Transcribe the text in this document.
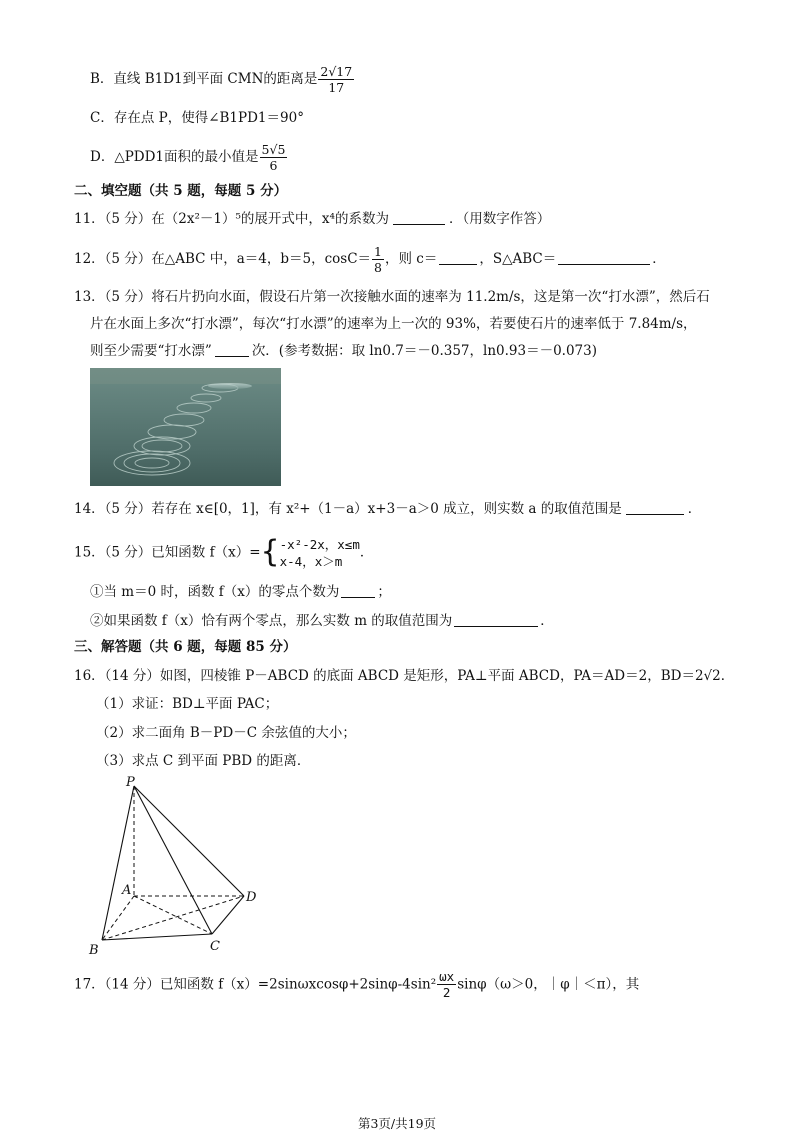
B．直线 B1D1到平面 CMN的距离是 $\frac{2√17}{17}$
C．存在点 P，使得∠B1PD1＝90°
D．△PDD1面积的最小值是 $\frac{5√5}{6}$
二、填空题（共 5 题，每题 5 分）
11．（5 分）在（2x²－1）⁵的展开式中，x⁴的系数为	．（用数字作答）
12．（5 分）在△ABC 中，a＝4，b＝5，$\cos C= \frac{1}{8}$ ，则 c＝	，S△ABC＝	．
13．（5 分）将石片扔向水面，假设石片第一次接触水面的速率为 11.2m/s，这是第一次“打水漂”，然后石
片在水面上多次“打水漂”，每次“打水漂”的速率为上一次的 93%，若要使石片的速率低于 7.84m/s，
则至少需要“打水漂”	次．(参考数据：取 ln0.7＝－0.357，ln0.93＝－0.073)
14．（5 分）若存在 x∈[0，1]，有 x²+（1－a）x+3－a＞0 成立，则实数 a 的取值范围是	．
15．（5 分）已知函数 f（x）={ -x²-2x，x≤m
x-4，x＞m
．
①当 m＝0 时，函数 f（x）的零点个数为	；
②如果函数 f（x）恰有两个零点，那么实数 m 的取值范围为	．
三、解答题（共 6 题，每题 85 分）
16．（14 分）如图，四棱锥 P－ABCD 的底面 ABCD 是矩形，PA⊥平面 ABCD，PA＝AD＝2，BD＝2√2．
（1）求证：BD⊥平面 PAC；
（2）求二面角 B－PD－C 余弦值的大小；
（3）求点 C 到平面 PBD 的距离．
P
A
B	C
D
17．（14 分）已知函数 $f(x)=2\sin\omega xcos\varphi+2\sin\varphi-4\sin^2 \frac{\omega x}{2} \sin\varphi(\omega>0$，｜φ｜＜π），其
第3页/共19页
